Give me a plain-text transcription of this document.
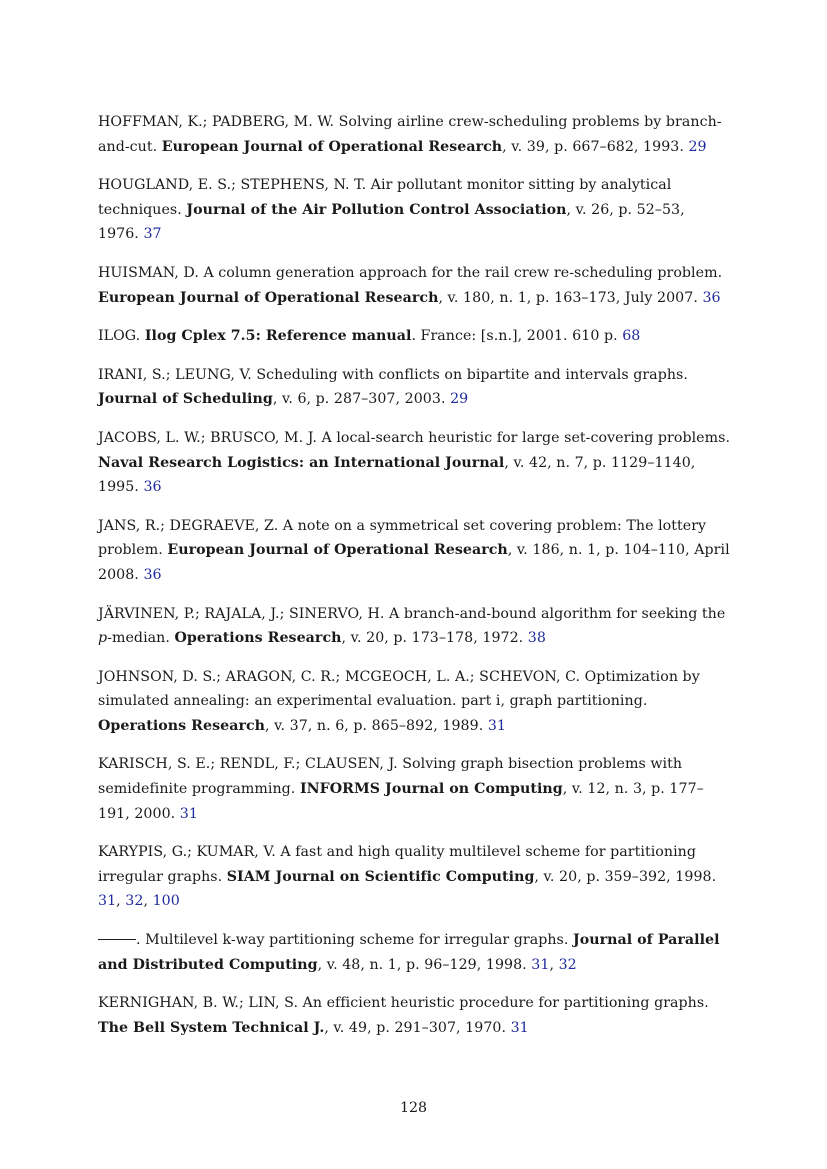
HOFFMAN, K.; PADBERG, M. W. Solving airline crew-scheduling problems by branch-and-cut. European Journal of Operational Research, v. 39, p. 667–682, 1993. 29

HOUGLAND, E. S.; STEPHENS, N. T. Air pollutant monitor sitting by analytical techniques. Journal of the Air Pollution Control Association, v. 26, p. 52–53, 1976. 37

HUISMAN, D. A column generation approach for the rail crew re-scheduling problem. European Journal of Operational Research, v. 180, n. 1, p. 163–173, July 2007. 36

ILOG. Ilog Cplex 7.5: Reference manual. France: [s.n.], 2001. 610 p. 68

IRANI, S.; LEUNG, V. Scheduling with conflicts on bipartite and intervals graphs. Journal of Scheduling, v. 6, p. 287–307, 2003. 29

JACOBS, L. W.; BRUSCO, M. J. A local-search heuristic for large set-covering problems. Naval Research Logistics: an International Journal, v. 42, n. 7, p. 1129–1140, 1995. 36

JANS, R.; DEGRAEVE, Z. A note on a symmetrical set covering problem: The lottery problem. European Journal of Operational Research, v. 186, n. 1, p. 104–110, April 2008. 36

JÄRVINEN, P.; RAJALA, J.; SINERVO, H. A branch-and-bound algorithm for seeking the p-median. Operations Research, v. 20, p. 173–178, 1972. 38

JOHNSON, D. S.; ARAGON, C. R.; MCGEOCH, L. A.; SCHEVON, C. Optimization by simulated annealing: an experimental evaluation. part i, graph partitioning. Operations Research, v. 37, n. 6, p. 865–892, 1989. 31

KARISCH, S. E.; RENDL, F.; CLAUSEN, J. Solving graph bisection problems with semidefinite programming. INFORMS Journal on Computing, v. 12, n. 3, p. 177–191, 2000. 31

KARYPIS, G.; KUMAR, V. A fast and high quality multilevel scheme for partitioning irregular graphs. SIAM Journal on Scientific Computing, v. 20, p. 359–392, 1998. 31, 32, 100

. Multilevel k-way partitioning scheme for irregular graphs. Journal of Parallel and Distributed Computing, v. 48, n. 1, p. 96–129, 1998. 31, 32

KERNIGHAN, B. W.; LIN, S. An efficient heuristic procedure for partitioning graphs. The Bell System Technical J., v. 49, p. 291–307, 1970. 31

128
